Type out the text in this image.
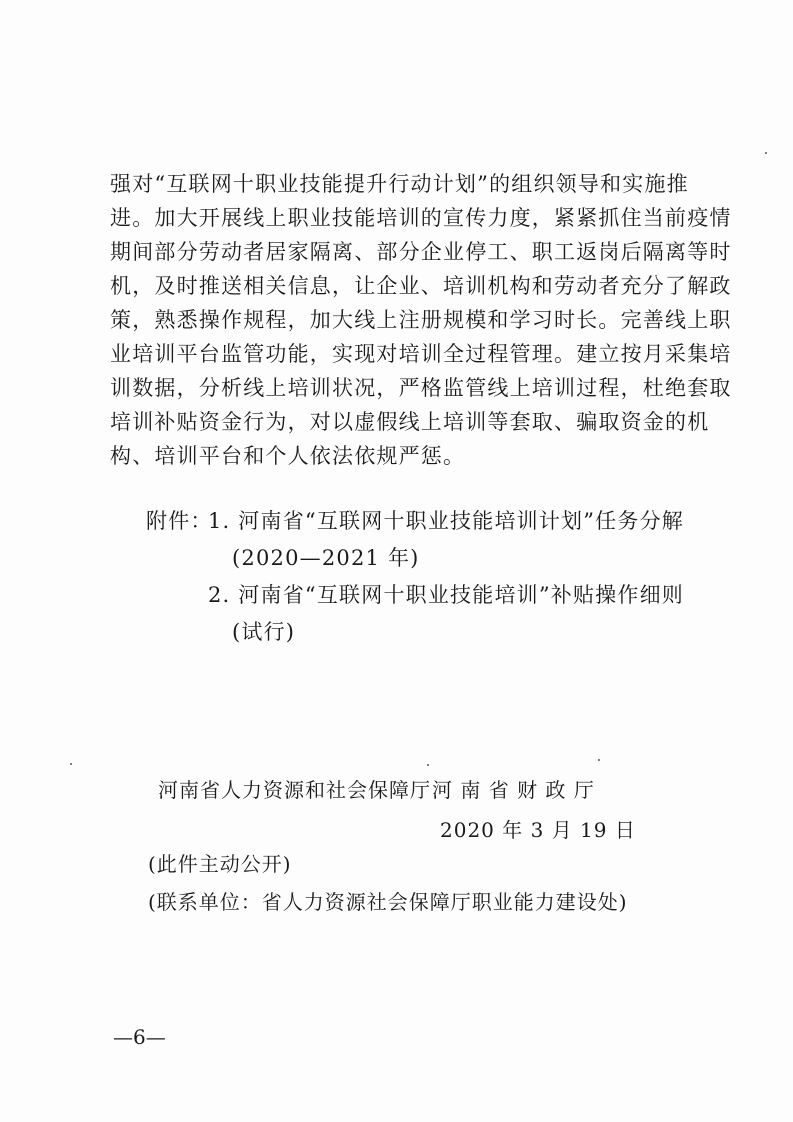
强对“互联网十职业技能提升行动计划”的组织领导和实施推
进。加大开展线上职业技能培训的宣传力度，紧紧抓住当前疫情
期间部分劳动者居家隔离、部分企业停工、职工返岗后隔离等时
机，及时推送相关信息，让企业、培训机构和劳动者充分了解政
策，熟悉操作规程，加大线上注册规模和学习时长。完善线上职
业培训平台监管功能，实现对培训全过程管理。建立按月采集培
训数据，分析线上培训状况，严格监管线上培训过程，杜绝套取
培训补贴资金行为，对以虚假线上培训等套取、骗取资金的机
构、培训平台和个人依法依规严惩。
附件：
1. 河南省“互联网十职业技能培训计划”任务分解
(2020—2021 年)
2. 河南省“互联网十职业技能培训”补贴操作细则
(试行)
河南省人力资源和社会保障厅 河 南 省 财 政 厅
2020 年 3 月 19 日
(此件主动公开)
(联系单位：省人力资源社会保障厅职业能力建设处)
—6—
